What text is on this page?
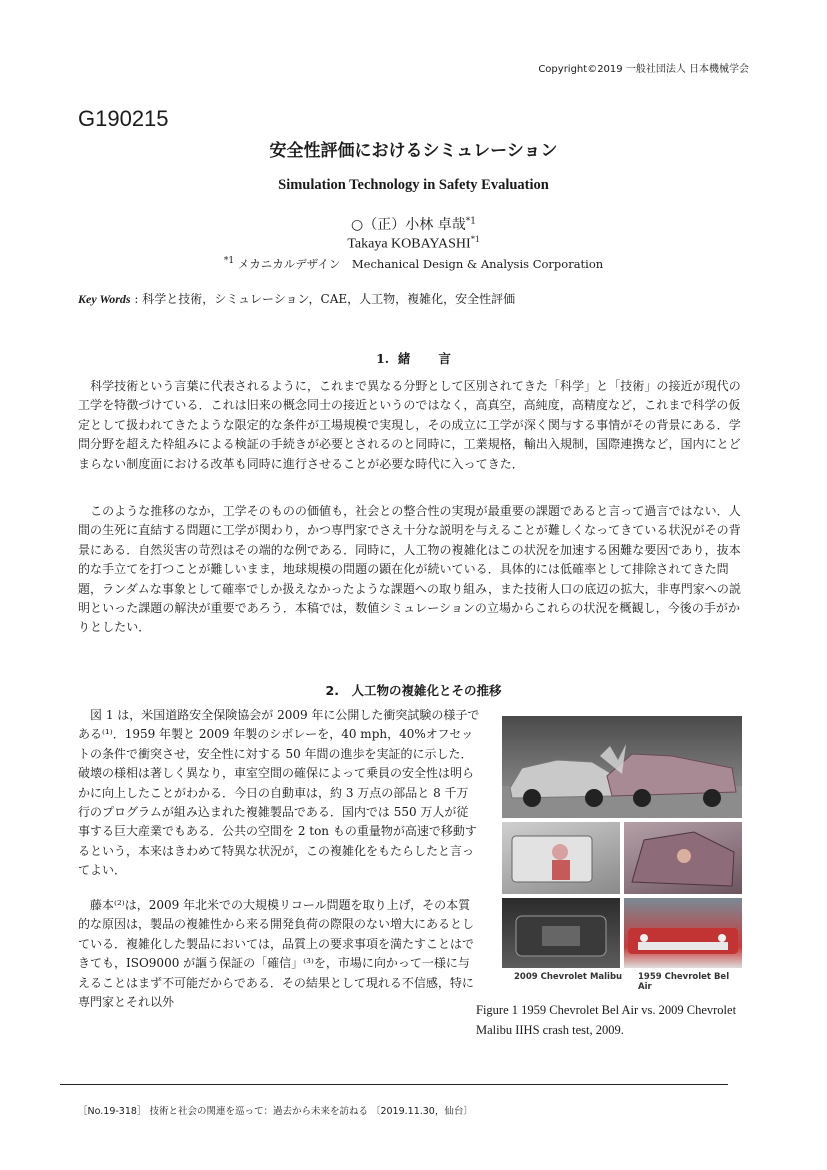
Copyright©2019 一般社団法人 日本機械学会
G190215
安全性評価におけるシミュレーション
Simulation Technology in Safety Evaluation
○（正）小林 卓哉$^{*1}$
Takaya KOBAYASHI$^{*1}$
$^{*1}$ メカニカルデザイン　Mechanical Design & Analysis Corporation
Key Words : 科学と技術，シミュレーション，CAE，人工物，複雑化，安全性評価
1. 緒 言
 科学技術という言葉に代表されるように，これまで異なる分野として区別されてきた「科学」と「技術」の接近が現代の工学を特徴づけている．これは旧来の概念同士の接近というのではなく，高真空，高純度，高精度など，これまで科学の仮定として扱われてきたような限定的な条件が工場規模で実現し，その成立に工学が深く関与する事情がその背景にある．学問分野を超えた枠組みによる検証の手続きが必要とされるのと同時に，工業規格，輸出入規制，国際連携など，国内にとどまらない制度面における改革も同時に進行させることが必要な時代に入ってきた．
 このような推移のなか，工学そのものの価値も，社会との整合性の実現が最重要の課題であると言って過言ではない．人間の生死に直結する問題に工学が関わり，かつ専門家でさえ十分な説明を与えることが難しくなってきている状況がその背景にある．自然災害の苛烈はその端的な例である．同時に，人工物の複雑化はこの状況を加速する困難な要因であり，抜本的な手立てを打つことが難しいまま，地球規模の問題の顕在化が続いている．具体的には低確率として排除されてきた問題，ランダムな事象として確率でしか扱えなかったような課題への取り組み，また技術人口の底辺の拡大，非専門家への説明といった課題の解決が重要であろう．本稿では，数値シミュレーションの立場からこれらの状況を概観し，今後の手がかりとしたい．
2.　人工物の複雑化とその推移
 図 1 は，米国道路安全保険協会が 2009 年に公開した衝突試験の様子である⁽¹⁾．1959 年製と 2009 年製のシボレーを，40 mph，40%オフセットの条件で衝突させ，安全性に対する 50 年間の進歩を実証的に示した．破壊の様相は著しく異なり，車室空間の確保によって乗員の安全性は明らかに向上したことがわかる．今日の自動車は，約 3 万点の部品と 8 千万行のプログラムが組み込まれた複雑製品である．国内では 550 万人が従事する巨大産業でもある．公共の空間を 2 ton もの重量物が高速で移動するという，本来はきわめて特異な状況が，この複雑化をもたらしたと言ってよい．
 藤本⁽²⁾は，2009 年北米での大規模リコール問題を取り上げ，その本質的な原因は，製品の複雑性から来る開発負荷の際限のない増大にあるとしている．複雑化した製品においては，品質上の要求事項を満たすことはできても，ISO9000 が謳う保証の「確信」⁽³⁾を，市場に向かって一様に与えることはまず不可能だからである．その結果として現れる不信感，特に専門家とそれ以外
2009 Chevrolet Malibu 1959 Chevrolet Bel Air
Figure 1 1959 Chevrolet Bel Air vs. 2009 Chevrolet Malibu IIHS crash test, 2009.
［No.19-318］ 技術と社会の関連を巡って：過去から未来を訪ねる 〔2019.11.30，仙台〕
